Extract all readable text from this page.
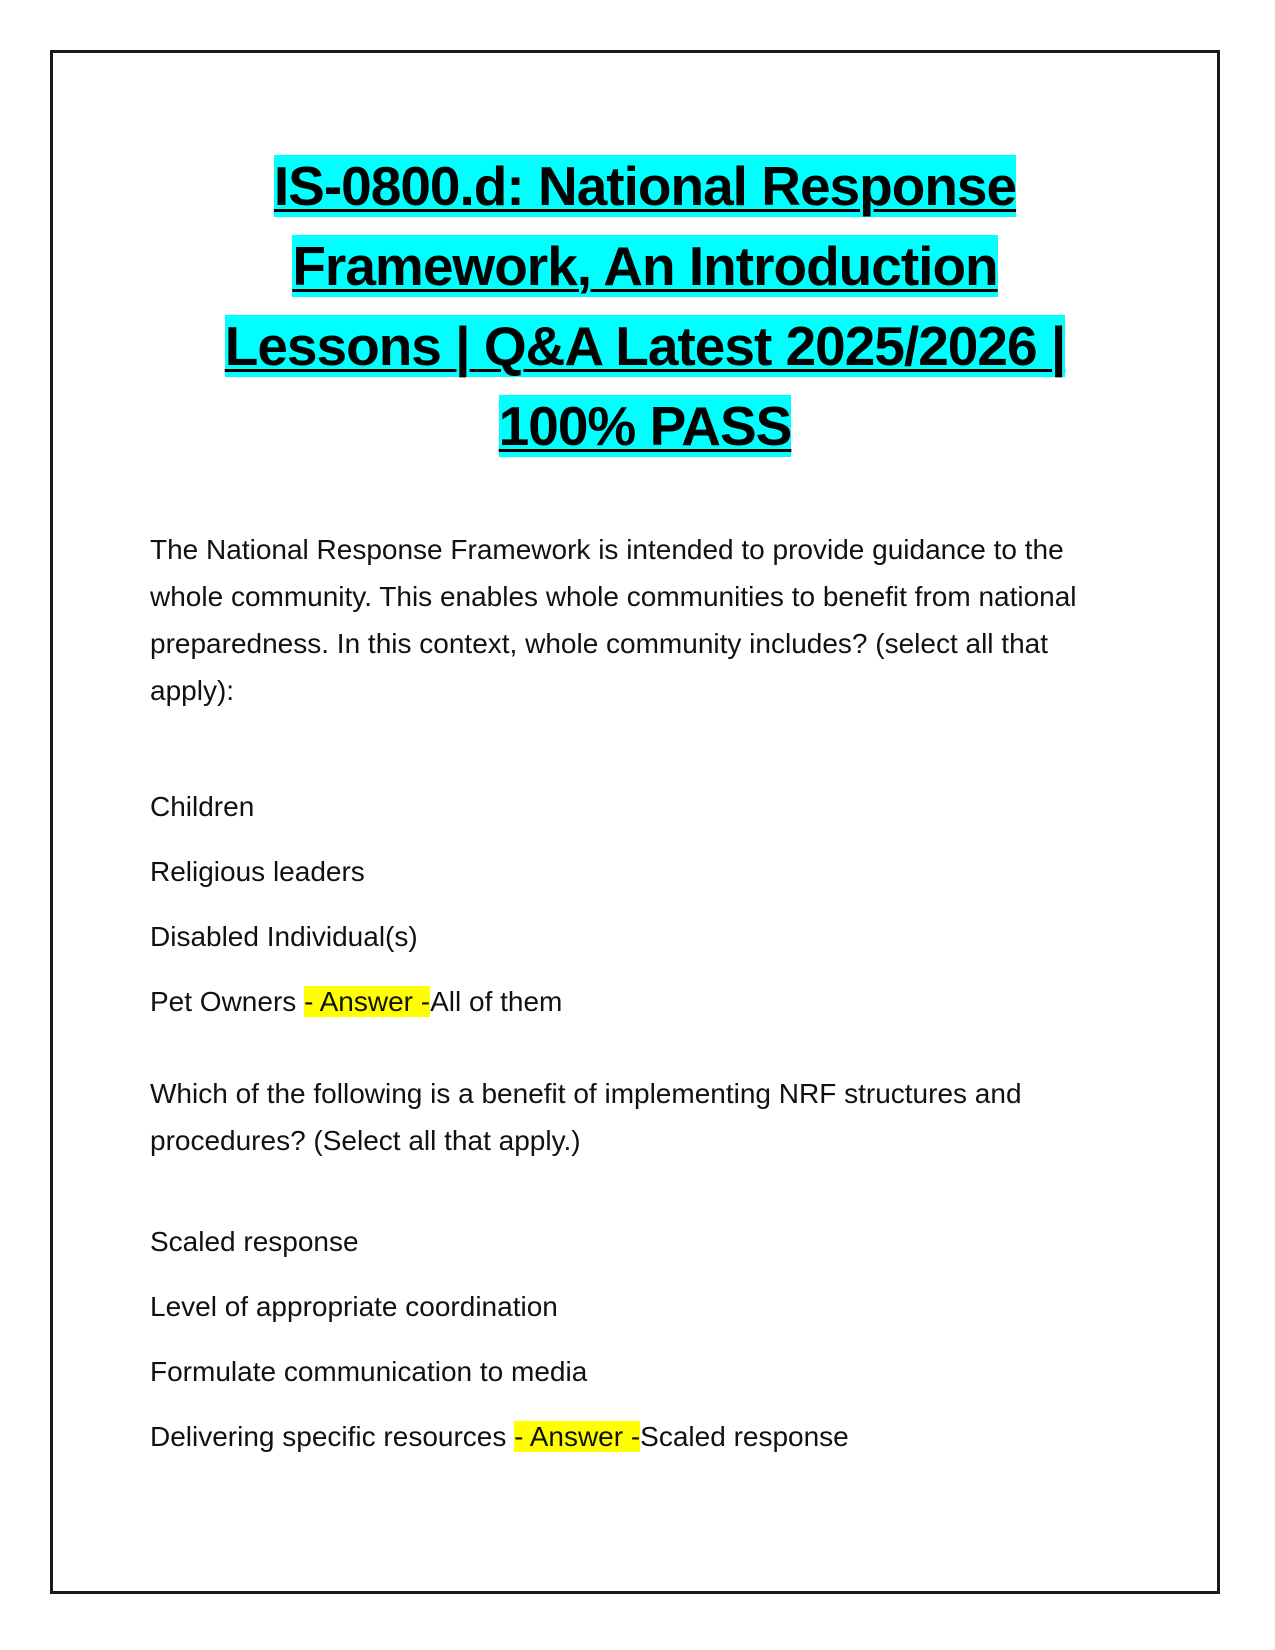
IS-0800.d: National Response
Framework, An Introduction
Lessons | Q&A Latest 2025/2026 |
100% PASS
The National Response Framework is intended to provide guidance to the whole community. This enables whole communities to benefit from national preparedness. In this context, whole community includes? (select all that apply):
Children
Religious leaders
Disabled Individual(s)
Pet Owners - Answer -All of them
Which of the following is a benefit of implementing NRF structures and procedures? (Select all that apply.)
Scaled response
Level of appropriate coordination
Formulate communication to media
Delivering specific resources - Answer -Scaled response
